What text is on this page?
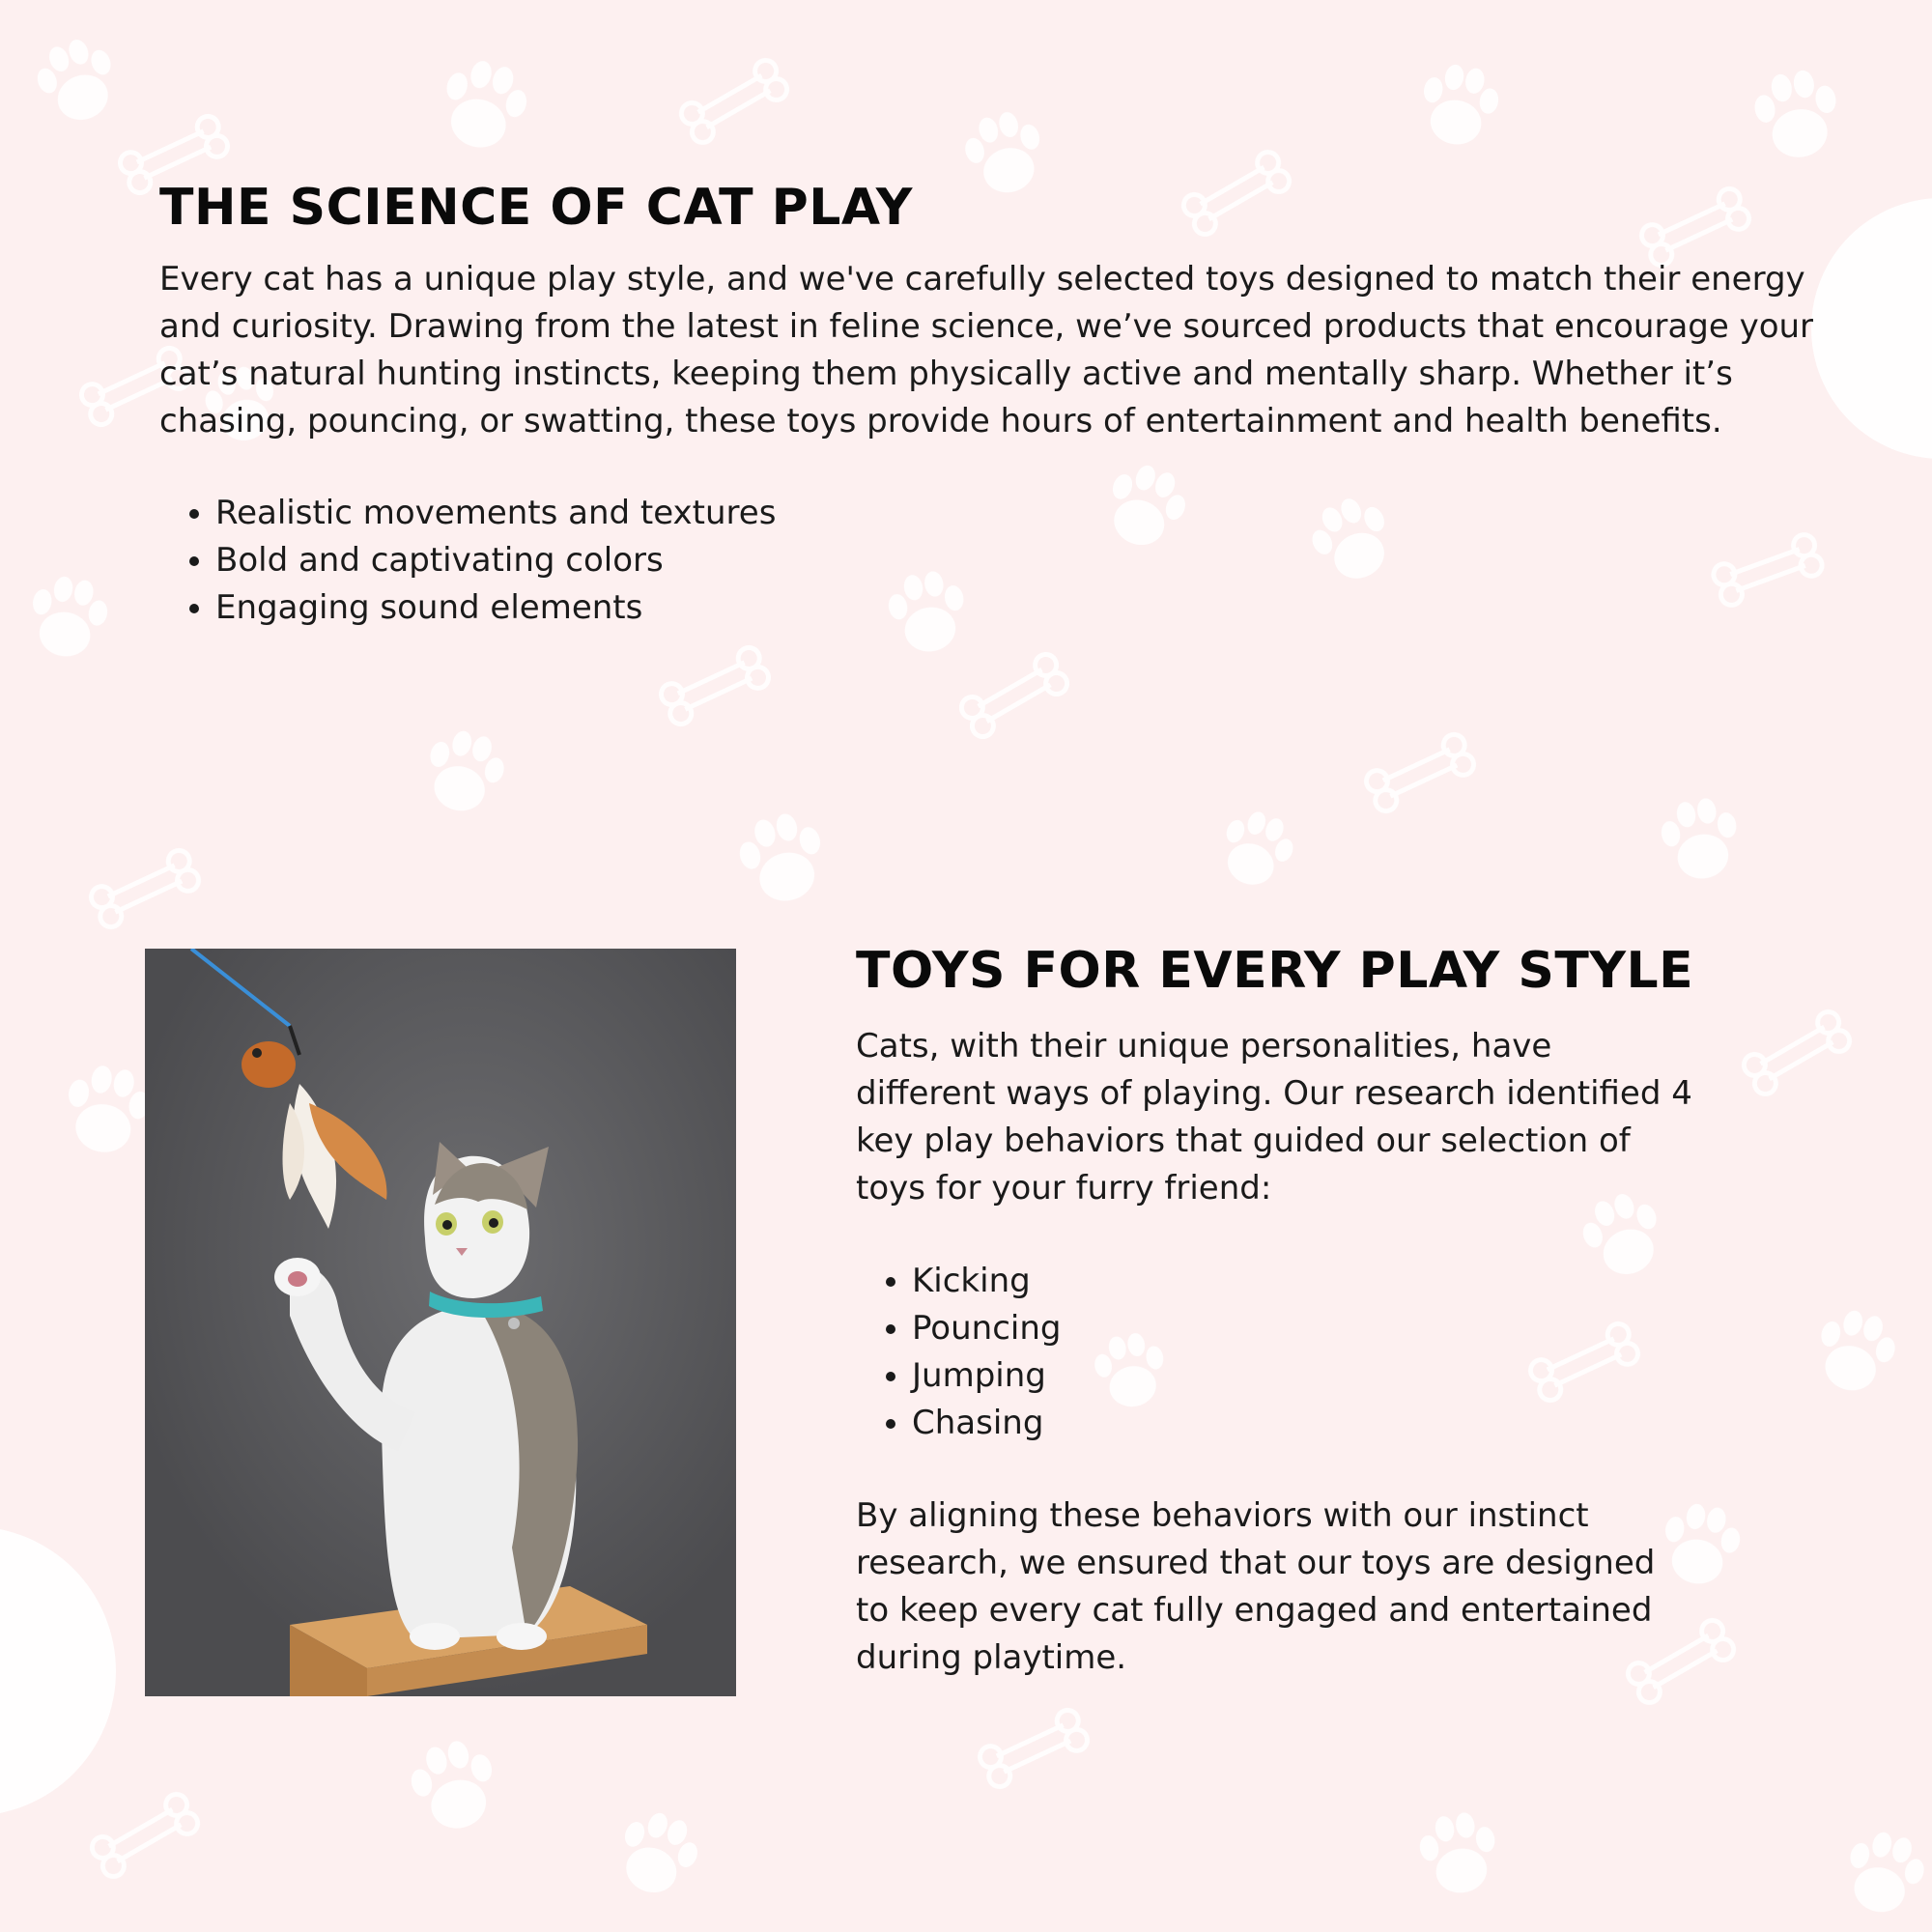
THE SCIENCE OF CAT PLAY

Every cat has a unique play style, and we've carefully selected toys designed to match their energy and curiosity. Drawing from the latest in feline science, we’ve sourced products that encourage your cat’s natural hunting instincts, keeping them physically active and mentally sharp. Whether it’s chasing, pouncing, or swatting, these toys provide hours of entertainment and health benefits.

• Realistic movements and textures
• Bold and captivating colors
• Engaging sound elements
TOYS FOR EVERY PLAY STYLE

Cats, with their unique personalities, have different ways of playing. Our research identified 4 key play behaviors that guided our selection of toys for your furry friend:

• Kicking
• Pouncing
• Jumping
• Chasing

By aligning these behaviors with our instinct research, we ensured that our toys are designed to keep every cat fully engaged and entertained during playtime.
